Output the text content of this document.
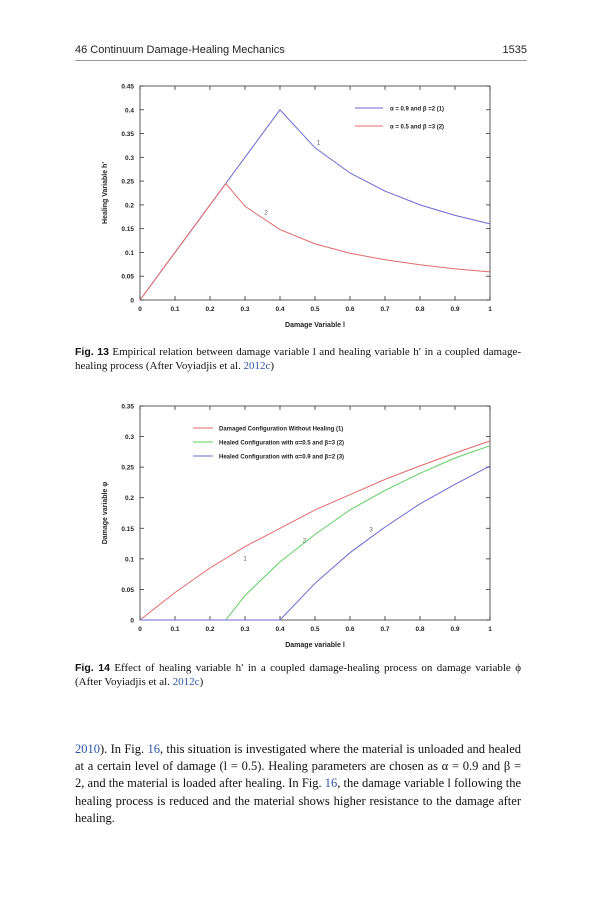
46 Continuum Damage-Healing Mechanics	1535
0	0.1	0.2	0.3	0.4	0.5	0.6	0.7	0.8	0.9	1
0
0.05
0.1
0.15
0.2
0.25
0.3
0.35
0.4
0.45
Damage Variable l
Healing Variable h'
1
2
α = 0.9 and β =2 (1)
α = 0.5 and β =3 (2)
Fig. 13 Empirical relation between damage variable l and healing variable h′ in a coupled damage-healing process (After Voyiadjis et al. 2012c)
0	0.1	0.2	0.3	0.4	0.5	0.6	0.7	0.8	0.9	1
0
0.05
0.1
0.15
0.2
0.25
0.3
0.35
Damage variable l
Damage variable φ
1
2
3
Damaged Configuration Without Healing (1)
Healed Configuration with α=0.5 and β=3 (2)
Healed Configuration with α=0.9 and β=2 (3)
Fig. 14 Effect of healing variable h′ in a coupled damage-healing process on damage variable ϕ (After Voyiadjis et al. 2012c)

2010). In Fig. 16, this situation is investigated where the material is unloaded and healed at a certain level of damage (l = 0.5). Healing parameters are chosen as α = 0.9 and β = 2, and the material is loaded after healing. In Fig. 16, the damage variable l following the healing process is reduced and the material shows higher resistance to the damage after healing.
